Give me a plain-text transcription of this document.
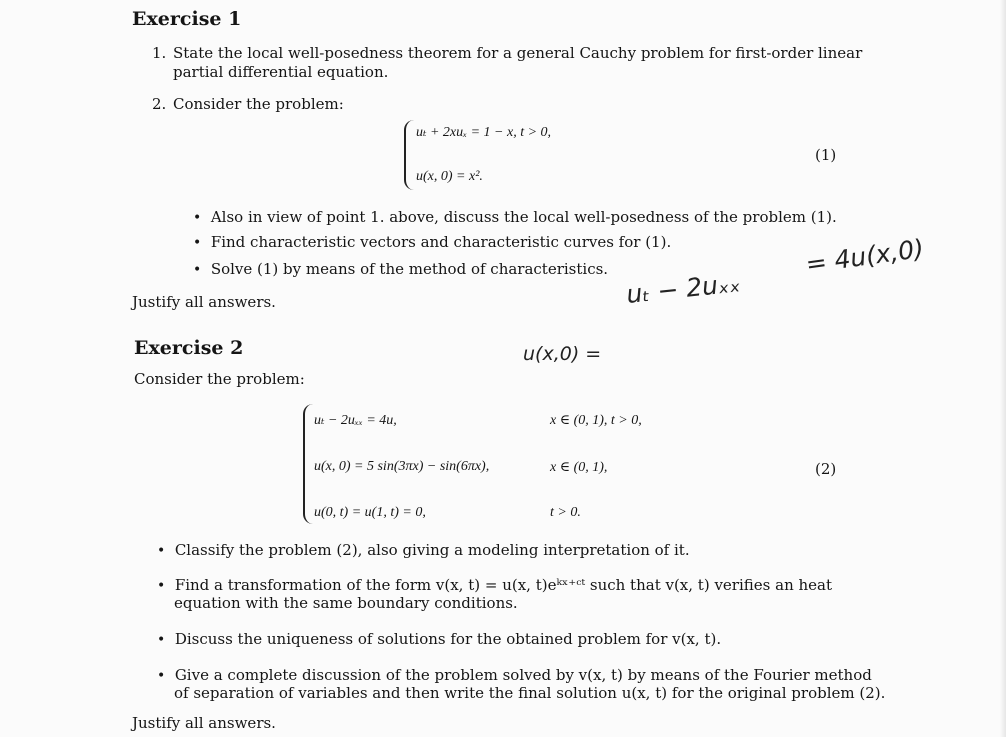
Exercise 1
1. State the local well-posedness theorem for a general Cauchy problem for first-order linear
partial differential equation.
2. Consider the problem:
uₜ + 2xuₓ = 1 − x, t > 0,
u(x, 0) = x².
(1)
• Also in view of point 1. above, discuss the local well-posedness of the problem (1).
• Find characteristic vectors and characteristic curves for (1).
• Solve (1) by means of the method of characteristics.
Justify all answers.	uₜ − 2uₓₓ
= 4u(x,0)
u(x,0) =
Exercise 2
Consider the problem:
uₜ − 2uₓₓ = 4u,	x ∈ (0, 1), t > 0,
u(x, 0) = 5 sin(3πx) − sin(6πx),	x ∈ (0, 1),
u(0, t) = u(1, t) = 0,	t > 0.
(2)
• Classify the problem (2), also giving a modeling interpretation of it.
• Find a transformation of the form v(x, t) = u(x, t)eᵏˣ⁺ᶜᵗ such that v(x, t) verifies an heat
equation with the same boundary conditions.
• Discuss the uniqueness of solutions for the obtained problem for v(x, t).
• Give a complete discussion of the problem solved by v(x, t) by means of the Fourier method
of separation of variables and then write the final solution u(x, t) for the original problem (2).
Justify all answers.
